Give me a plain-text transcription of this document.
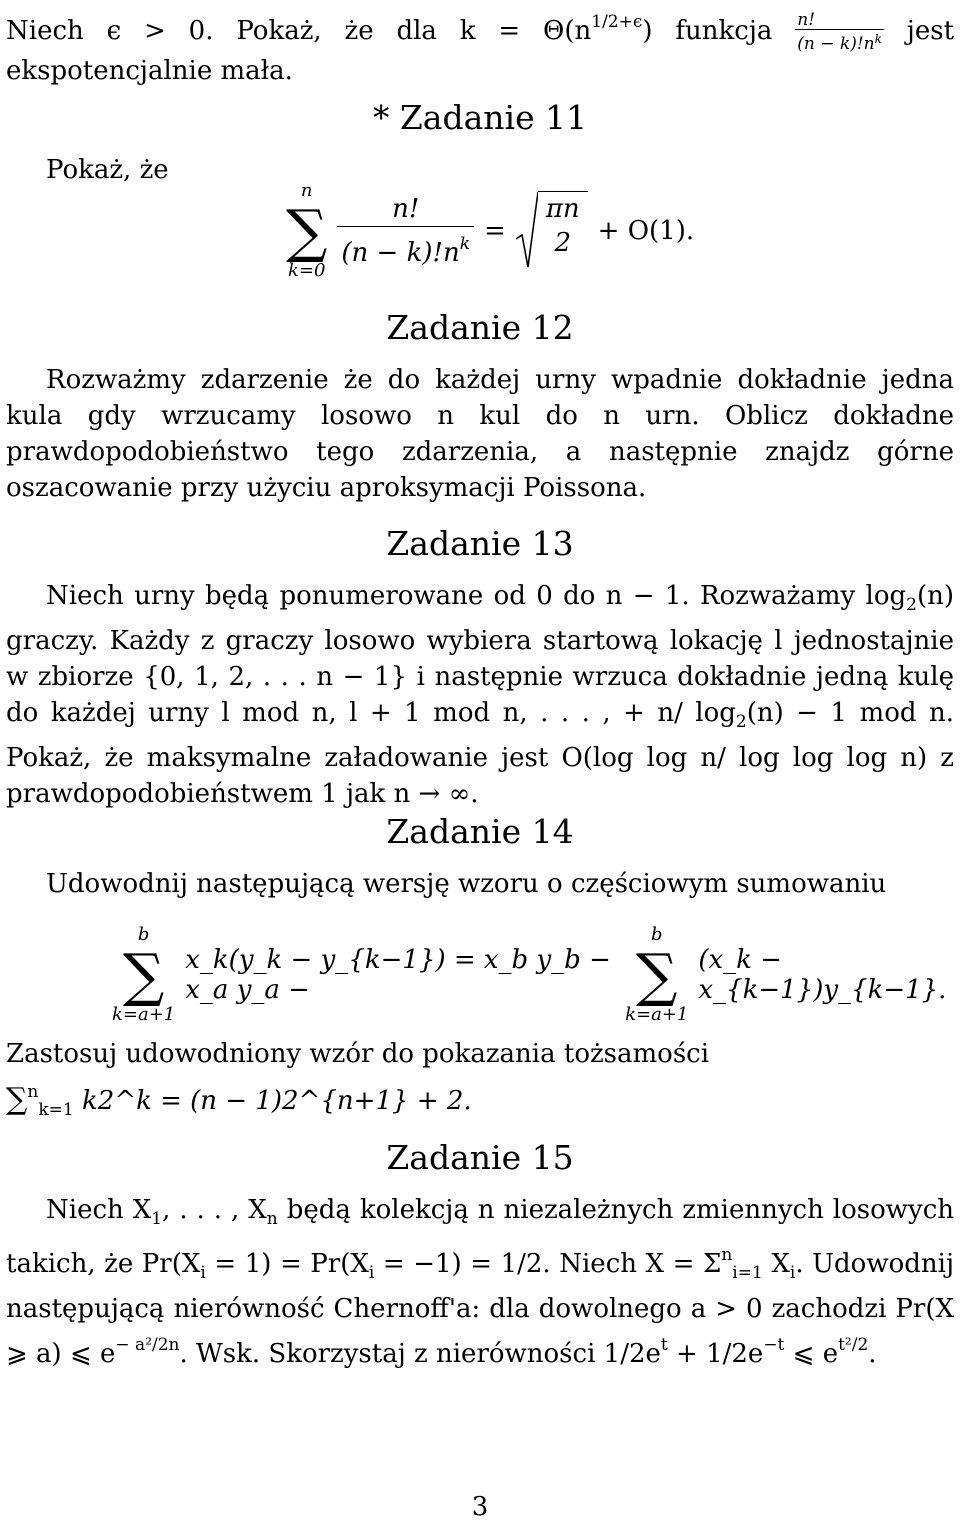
Niech ϵ > 0. Pokaż, że dla $k = \Theta(n^{1/2+\epsilon})$ funkcja $\frac{n!}{(n - k)!n^k}$ jest ekspotencjalnie mała.

* Zadanie 11
Pokaż, że
n
∑
k=0
$\frac{n!}{(n - k)!n^k}$ =
πn
2	+ O(1).
Zadanie 12

Rozważmy zdarzenie że do każdej urny wpadnie dokładnie jedna kula gdy wrzucamy losowo n kul do n urn. Oblicz dokładne prawdopodobieństwo tego zdarzenia, a następnie znajdz górne oszacowanie przy użyciu aproksymacji Poissona.

Zadanie 13

Niech urny będą ponumerowane od 0 do n − 1. Rozważamy $\log_2(n)$ graczy. Każdy z graczy losowo wybiera startową lokację l jednostajnie w zbiorze {0, 1, 2, . . . n − 1} i następnie wrzuca dokładnie jedną kulę do każdej urny l mod n, l + 1 mod n, . . . , + n/ $\log_2(n) - 1$ mod n. Pokaż, że maksymalne załadowanie jest O(log log n/ log log log n) z prawdopodobieństwem 1 jak n → ∞.

Zadanie 14
Udowodnij następującą wersję wzoru o częściowym sumowaniu
b
∑
k=a+1
x_k(y_k − y_{k−1}) = x_b y_b − x_a y_a −
b
∑
k=a+1
(x_k − x_{k−1})y_{k−1}.
Zastosuj udowodniony wzór do pokazania tożsamości
∑$^n_{k=1}$ k2^k = (n − 1)2^{n+1} + 2.
Zadanie 15

Niech $X_1$, . . . , $X_n$ będą kolekcją n niezależnych zmiennych losowych takich, że $Pr(X_i = 1) = Pr(X_i = -1) = 1/2$. Niech $X = \Sigma^n_{i=1}$ $X_i$. Udowodnij następującą nierówność Chernoff'a: dla dowolnego a > 0 zachodzi Pr(X ⩾ a) ⩽ $e^{- a^2/2n}$. Wsk. Skorzystaj z nierówności $1/2e^t + 1/2e^{-t}$ ⩽ $e^{t^2/2}$.

3
